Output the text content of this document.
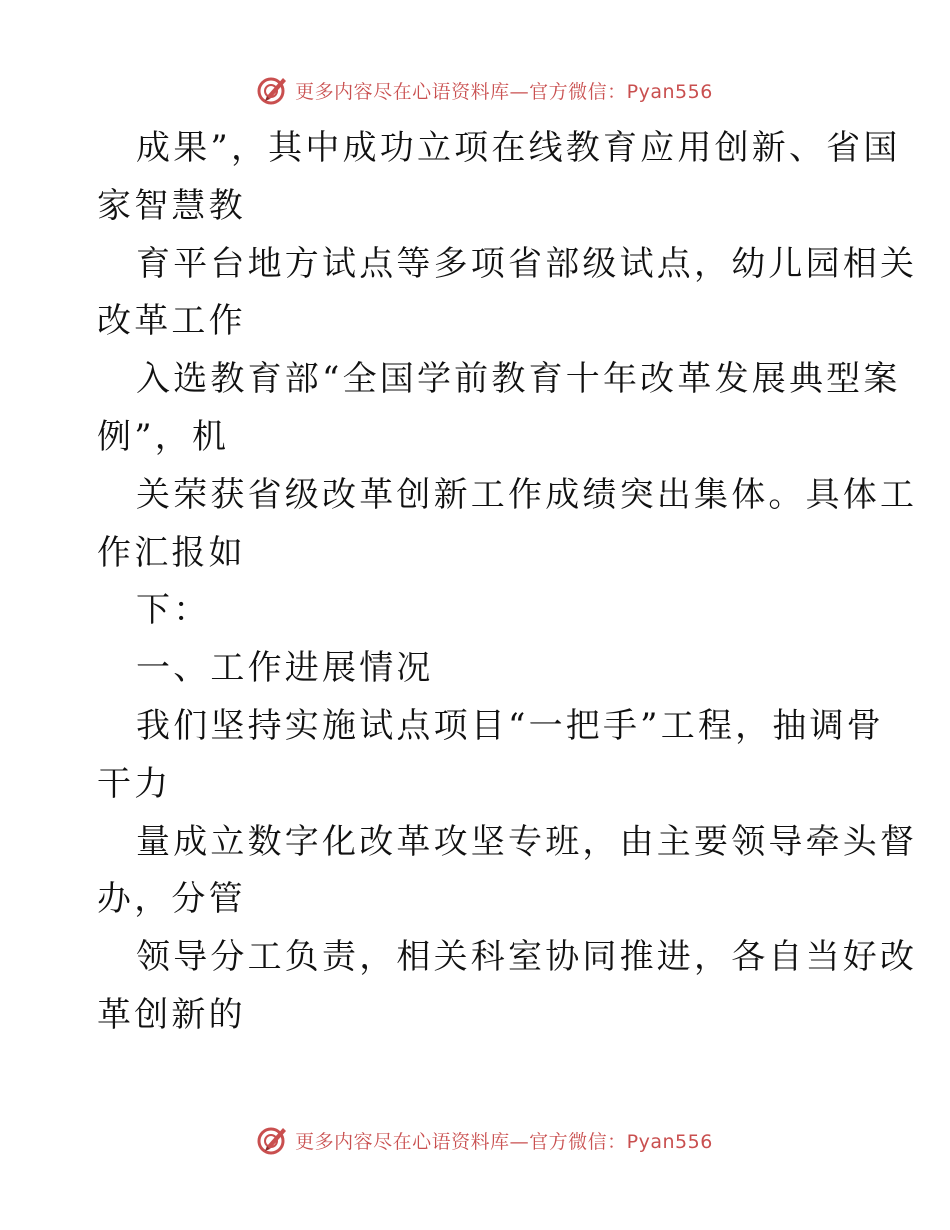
更多内容尽在心语资料库—官方微信：Pyan556
成果”，其中成功立项在线教育应用创新、省国
家智慧教
育平台地方试点等多项省部级试点，幼儿园相关
改革工作
入选教育部“全国学前教育十年改革发展典型案
例”，机
关荣获省级改革创新工作成绩突出集体。具体工
作汇报如
下：
一、工作进展情况
我们坚持实施试点项目“一把手”工程，抽调骨
干力
量成立数字化改革攻坚专班，由主要领导牵头督
办，分管
领导分工负责，相关科室协同推进，各自当好改
革创新的
更多内容尽在心语资料库—官方微信：Pyan556
